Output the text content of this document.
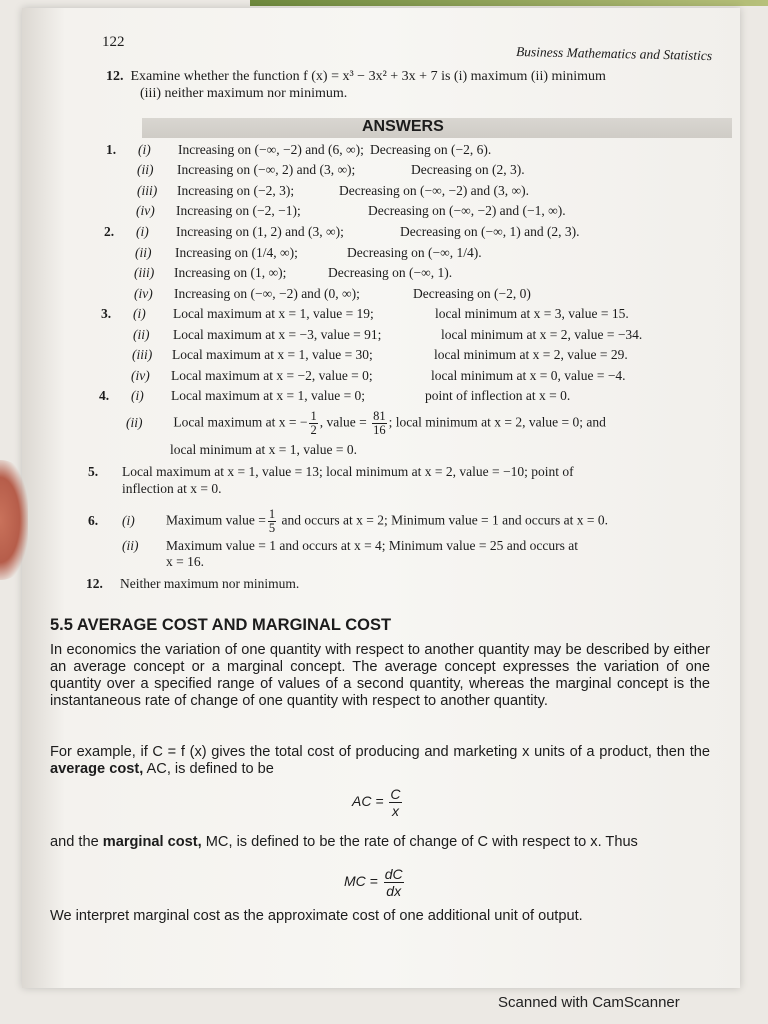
122
Business Mathematics and Statistics
12. Examine whether the function f (x) = x³ − 3x² + 3x + 7 is (i) maximum (ii) minimum
(iii) neither maximum nor minimum.
ANSWERS
1. (i) Increasing on (−∞, −2) and (6, ∞); Decreasing on (−2, 6).
(ii) Increasing on (−∞, 2) and (3, ∞);	Decreasing on (2, 3).
(iii) Increasing on (−2, 3);	Decreasing on (−∞, −2) and (3, ∞).
(iv) Increasing on (−2, −1);	Decreasing on (−∞, −2) and (−1, ∞).
2. (i) Increasing on (1, 2) and (3, ∞);	Decreasing on (−∞, 1) and (2, 3).
(ii) Increasing on (1/4, ∞);	Decreasing on (−∞, 1/4).
(iii) Increasing on (1, ∞);	Decreasing on (−∞, 1).
(iv) Increasing on (−∞, −2) and (0, ∞);	Decreasing on (−2, 0)
3. (i) Local maximum at x = 1, value = 19;	local minimum at x = 3, value = 15.
(ii) Local maximum at x = −3, value = 91;	local minimum at x = 2, value = −34.
(iii) Local maximum at x = 1, value = 30;	local minimum at x = 2, value = 29.
(iv) Local maximum at x = −2, value = 0;	local minimum at x = 0, value = −4.
4. (i) Local maximum at x = 1, value = 0;	point of inflection at x = 0.
(ii) Local maximum at x = − $\frac{1}{2}$ , value = $\frac{81}{16}$ ; local minimum at x = 2, value = 0; and
local minimum at x = 1, value = 0.
5. Local maximum at x = 1, value = 13; local minimum at x = 2, value = −10; point of
inflection at x = 0.
6. (i) Maximum value = $\frac{1}{5}$ and occurs at x = 2; Minimum value = 1 and occurs at x = 0.
(ii) Maximum value = 1 and occurs at x = 4; Minimum value = 25 and occurs at
x = 16.
12. Neither maximum nor minimum.
5.5 AVERAGE COST AND MARGINAL COST
In economics the variation of one quantity with respect to another quantity may be described by either an average concept or a marginal concept. The average concept expresses the variation of one quantity over a specified range of values of a second quantity, whereas the marginal concept is the instantaneous rate of change of one quantity with respect to another quantity.
For example, if C = f (x) gives the total cost of producing and marketing x units of a product, then the average cost, AC, is defined to be
AC = $\frac{C}{x}$
and the marginal cost, MC, is defined to be the rate of change of C with respect to x. Thus
MC = $\frac{dC}{dx}$
We interpret marginal cost as the approximate cost of one additional unit of output.
Scanned with CamScanner
